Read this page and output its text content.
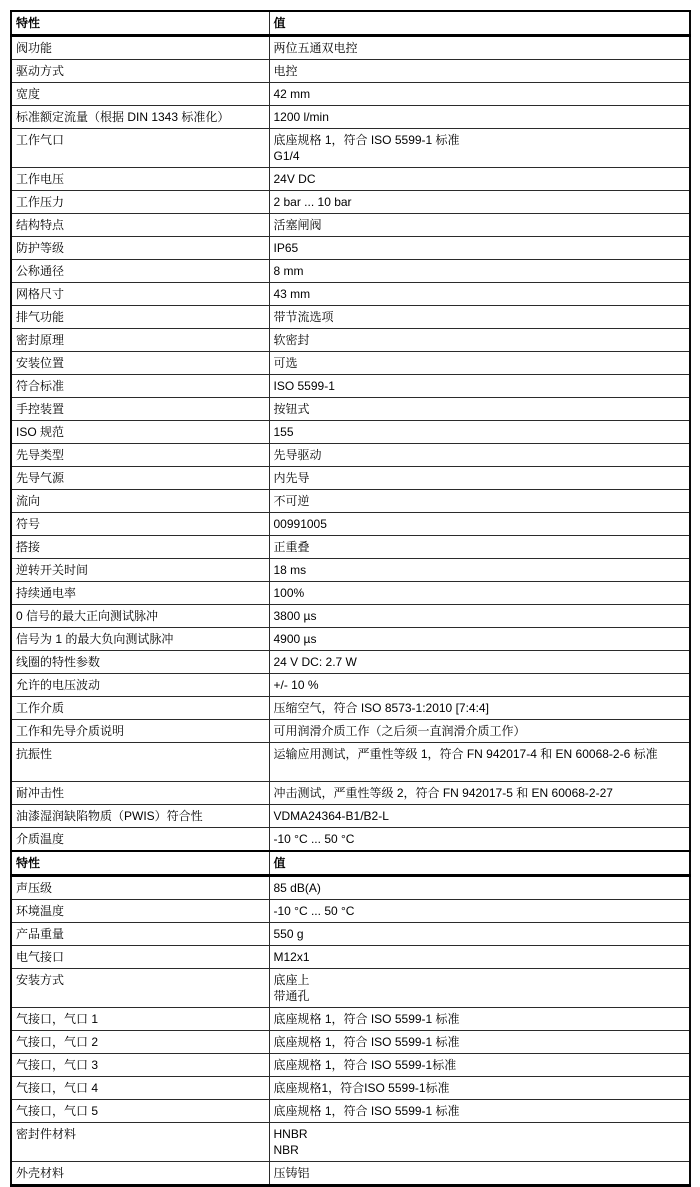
特性	值
阀功能	两位五通双电控
驱动方式	电控
宽度	42 mm
标准额定流量（根据 DIN 1343 标准化）	1200 l/min
工作气口	底座规格 1，符合 ISO 5599-1 标准
G1/4
工作电压	24V DC
工作压力	2 bar ... 10 bar
结构特点	活塞闸阀
防护等级	IP65
公称通径	8 mm
网格尺寸	43 mm
排气功能	带节流选项
密封原理	软密封
安装位置	可选
符合标准	ISO 5599-1
手控装置	按钮式
ISO 规范	155
先导类型	先导驱动
先导气源	内先导
流向	不可逆
符号	00991005
搭接	正重叠
逆转开关时间	18 ms
持续通电率	100%
0 信号的最大正向测试脉冲	3800 µs
信号为 1 的最大负向测试脉冲	4900 µs
线圈的特性参数	24 V DC: 2.7 W
允许的电压波动	+/- 10 %
工作介质	压缩空气，符合 ISO 8573-1:2010 [7:4:4]
工作和先导介质说明	可用润滑介质工作（之后须一直润滑介质工作）
抗振性	运输应用测试，严重性等级 1，符合 FN 942017-4 和 EN 60068-2-6 标准

耐冲击性	冲击测试，严重性等级 2，符合 FN 942017-5 和 EN 60068-2-27
油漆湿润缺陷物质（PWIS）符合性	VDMA24364-B1/B2-L
介质温度	-10 °C ... 50 °C
特性	值
声压级	85 dB(A)
环境温度	-10 °C ... 50 °C
产品重量	550 g
电气接口	M12x1
安装方式	底座上
带通孔
气接口，气口 1	底座规格 1，符合 ISO 5599-1 标准
气接口，气口 2	底座规格 1，符合 ISO 5599-1 标准
气接口，气口 3	底座规格 1，符合 ISO 5599-1标准
气接口，气口 4	底座规格1，符合ISO 5599-1标准
气接口，气口 5	底座规格 1，符合 ISO 5599-1 标准
密封件材料	HNBR
NBR
外壳材料	压铸铝
